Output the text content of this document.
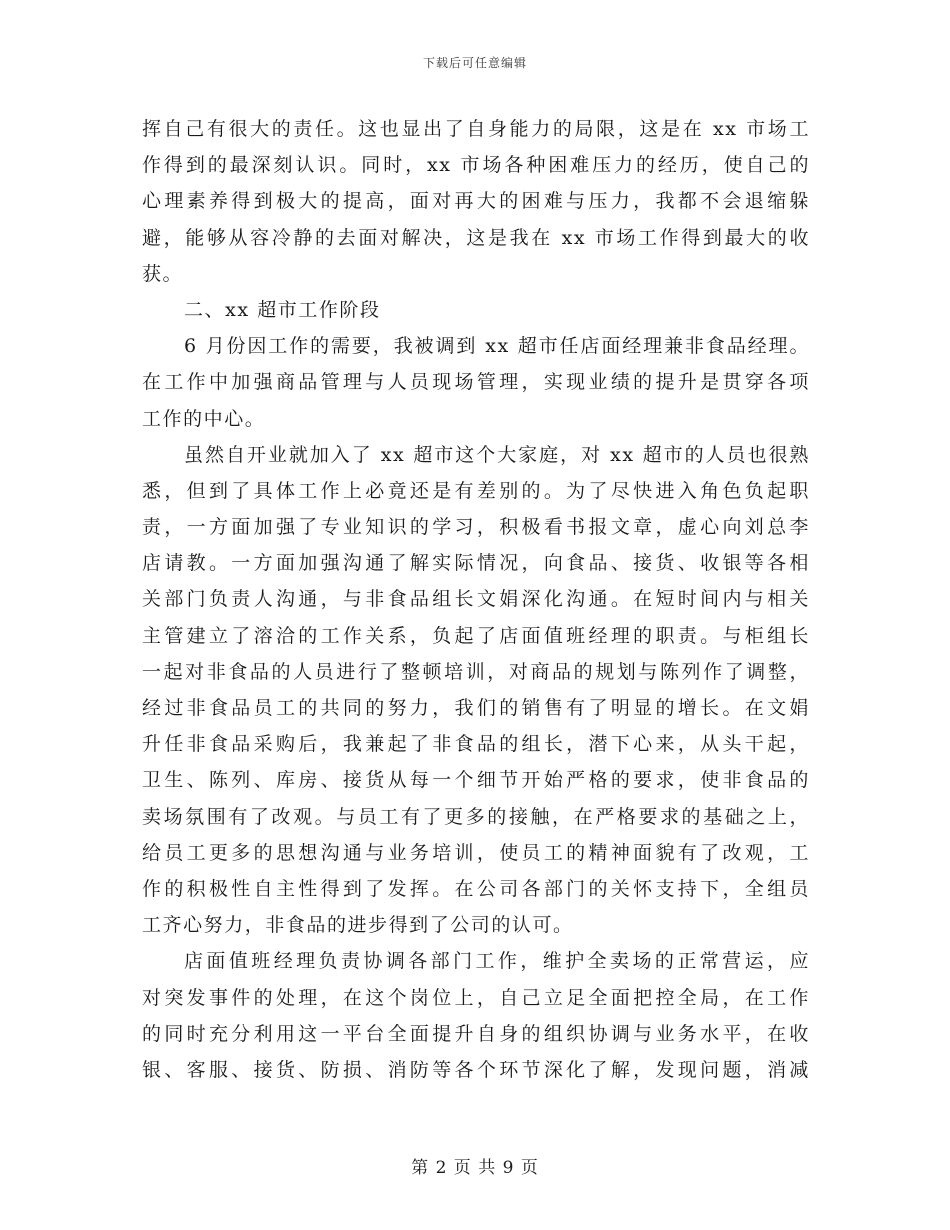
下载后可任意编辑
挥自己有很大的责任。这也显出了自身能力的局限，这是在 xx 市场工
作得到的最深刻认识。同时，xx 市场各种困难压力的经历，使自己的
心理素养得到极大的提高，面对再大的困难与压力，我都不会退缩躲
避，能够从容冷静的去面对解决，这是我在 xx 市场工作得到最大的收
获。
二、xx 超市工作阶段
6 月份因工作的需要，我被调到 xx 超市任店面经理兼非食品经理。
在工作中加强商品管理与人员现场管理，实现业绩的提升是贯穿各项
工作的中心。
虽然自开业就加入了 xx 超市这个大家庭，对 xx 超市的人员也很熟
悉，但到了具体工作上必竟还是有差别的。为了尽快进入角色负起职
责，一方面加强了专业知识的学习，积极看书报文章，虚心向刘总李
店请教。一方面加强沟通了解实际情况，向食品、接货、收银等各相
关部门负责人沟通，与非食品组长文娟深化沟通。在短时间内与相关
主管建立了溶洽的工作关系，负起了店面值班经理的职责。与柜组长
一起对非食品的人员进行了整顿培训，对商品的规划与陈列作了调整，
经过非食品员工的共同的努力，我们的销售有了明显的增长。在文娟
升任非食品采购后，我兼起了非食品的组长，潜下心来，从头干起，
卫生、陈列、库房、接货从每一个细节开始严格的要求，使非食品的
卖场氛围有了改观。与员工有了更多的接触，在严格要求的基础之上，
给员工更多的思想沟通与业务培训，使员工的精神面貌有了改观，工
作的积极性自主性得到了发挥。在公司各部门的关怀支持下，全组员
工齐心努力，非食品的进步得到了公司的认可。
店面值班经理负责协调各部门工作，维护全卖场的正常营运，应
对突发事件的处理，在这个岗位上，自己立足全面把控全局，在工作
的同时充分利用这一平台全面提升自身的组织协调与业务水平，在收
银、客服、接货、防损、消防等各个环节深化了解，发现问题，消减
第 2 页 共 9 页
